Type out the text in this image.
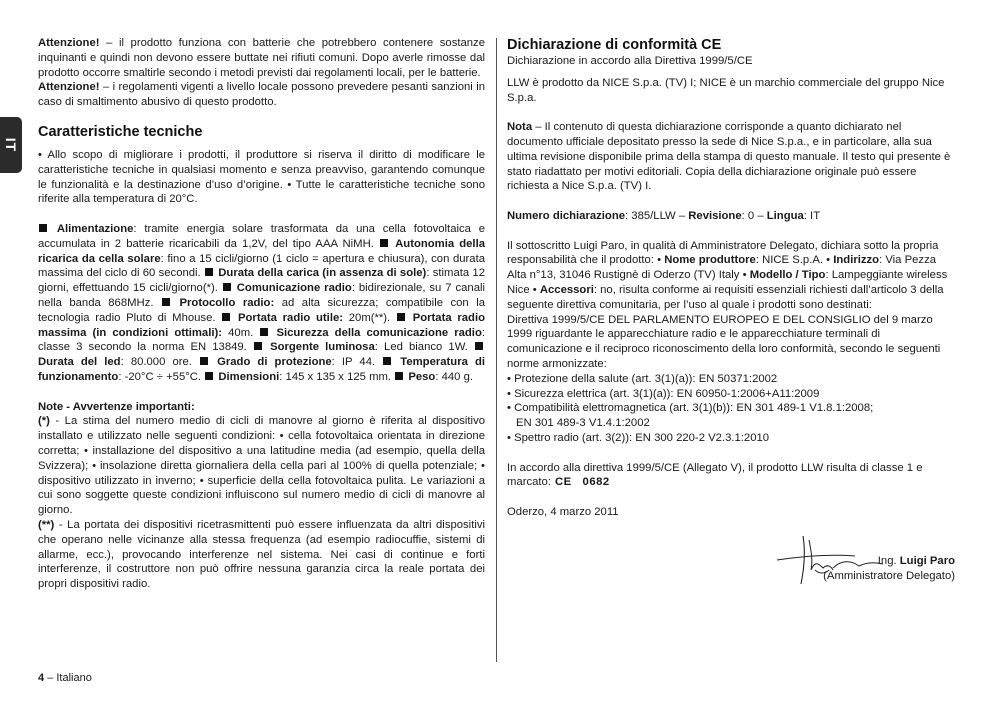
IT

Attenzione! – il prodotto funziona con batterie che potrebbero contenere sostanze inquinanti e quindi non devono essere buttate nei rifiuti comuni. Dopo averle rimosse dal prodotto occorre smaltirle secondo i metodi previsti dai regolamenti locali, per le batterie.

Attenzione! – i regolamenti vigenti a livello locale possono prevedere pesanti sanzioni in caso di smaltimento abusivo di questo prodotto.

Caratteristiche tecniche

• Allo scopo di migliorare i prodotti, il produttore si riserva il diritto di modificare le caratteristiche tecniche in qualsiasi momento e senza preavviso, garantendo comunque le funzionalità e la destinazione d’uso d’origine. • Tutte le caratteristiche tecniche sono riferite alla temperatura di 20°C.

Alimentazione: tramite energia solare trasformata da una cella fotovoltaica e accumulata in 2 batterie ricaricabili da 1,2V, del tipo AAA NiMH.  Autonomia della ricarica da cella solare: fino a 15 cicli/giorno (1 ciclo = apertura e chiusura), con durata massima del ciclo di 60 secondi.  Durata della carica (in assenza di sole): stimata 12 giorni, effettuando 15 cicli/giorno(*).  Comunicazione radio: bidirezionale, su 7 canali nella banda 868MHz.  Protocollo radio: ad alta sicurezza; compatibile con la tecnologia radio Pluto di Mhouse.  Portata radio utile: 20m(**).  Portata radio massima (in condizioni ottimali): 40m.  Sicurezza della comunicazione radio: classe 3 secondo la norma EN 13849.  Sorgente luminosa: Led bianco 1W.  Durata del led: 80.000 ore.  Grado di protezione: IP 44.  Temperatura di funzionamento: -20°C ÷ +55°C.  Dimensioni: 145 x 135 x 125 mm.  Peso: 440 g.

Note - Avvertenze importanti:

(*) - La stima del numero medio di cicli di manovre al giorno è riferita al dispositivo installato e utilizzato nelle seguenti condizioni: • cella fotovoltaica orientata in direzione corretta; • installazione del dispositivo a una latitudine media (ad esempio, quella della Svizzera); • insolazione diretta giornaliera della cella pari al 100% di quella potenziale; • dispositivo utilizzato in inverno; • superficie della cella fotovoltaica pulita. Le variazioni a cui sono soggette queste condizioni influiscono sul numero medio di cicli di manovre al giorno.

(**) - La portata dei dispositivi ricetrasmittenti può essere influenzata da altri dispositivi che operano nelle vicinanze alla stessa frequenza (ad esempio radiocuffie, sistemi di allarme, ecc.), provocando interferenze nel sistema. Nei casi di continue e forti interferenze, il costruttore non può offrire nessuna garanzia circa la reale portata dei propri dispositivi radio.

Dichiarazione di conformità CE

Dichiarazione in accordo alla Direttiva 1999/5/CE

LLW è prodotto da NICE S.p.a. (TV) I; NICE è un marchio commerciale del gruppo Nice S.p.a.

Nota – Il contenuto di questa dichiarazione corrisponde a quanto dichiarato nel documento ufficiale depositato presso la sede di Nice S.p.a., e in particolare, alla sua ultima revisione disponibile prima della stampa di questo manuale. Il testo qui presente è stato riadattato per motivi editoriali. Copia della dichiarazione originale può essere richiesta a Nice S.p.a. (TV) I.

Numero dichiarazione: 385/LLW – Revisione: 0 – Lingua: IT

Il sottoscritto Luigi Paro, in qualità di Amministratore Delegato, dichiara sotto la propria responsabilità che il prodotto: • Nome produttore: NICE S.p.A. • Indirizzo: Via Pezza Alta n°13, 31046 Rustignè di Oderzo (TV) Italy • Modello / Tipo: Lampeggiante wireless Nice • Accessori: no, risulta conforme ai requisiti essenziali richiesti dall’articolo 3 della seguente direttiva comunitaria, per l’uso al quale i prodotti sono destinati:

Direttiva 1999/5/CE DEL PARLAMENTO EUROPEO E DEL CONSIGLIO del 9 marzo 1999 riguardante le apparecchiature radio e le apparecchiature terminali di comunicazione e il reciproco riconoscimento della loro conformità, secondo le seguenti norme armonizzate:

• Protezione della salute (art. 3(1)(a)): EN 50371:2002
• Sicurezza elettrica (art. 3(1)(a)): EN 60950-1:2006+A11:2009
• Compatibilità elettromagnetica (art. 3(1)(b)): EN 301 489-1 V1.8.1:2008;
EN 301 489-3 V1.4.1:2002
• Spettro radio (art. 3(2)): EN 300 220-2 V2.3.1:2010

In accordo alla direttiva 1999/5/CE (Allegato V), il prodotto LLW risulta di classe 1 e marcato: CE   0682

Oderzo, 4 marzo 2011

Ing. Luigi Paro

(Amministratore Delegato)

4 – Italiano
